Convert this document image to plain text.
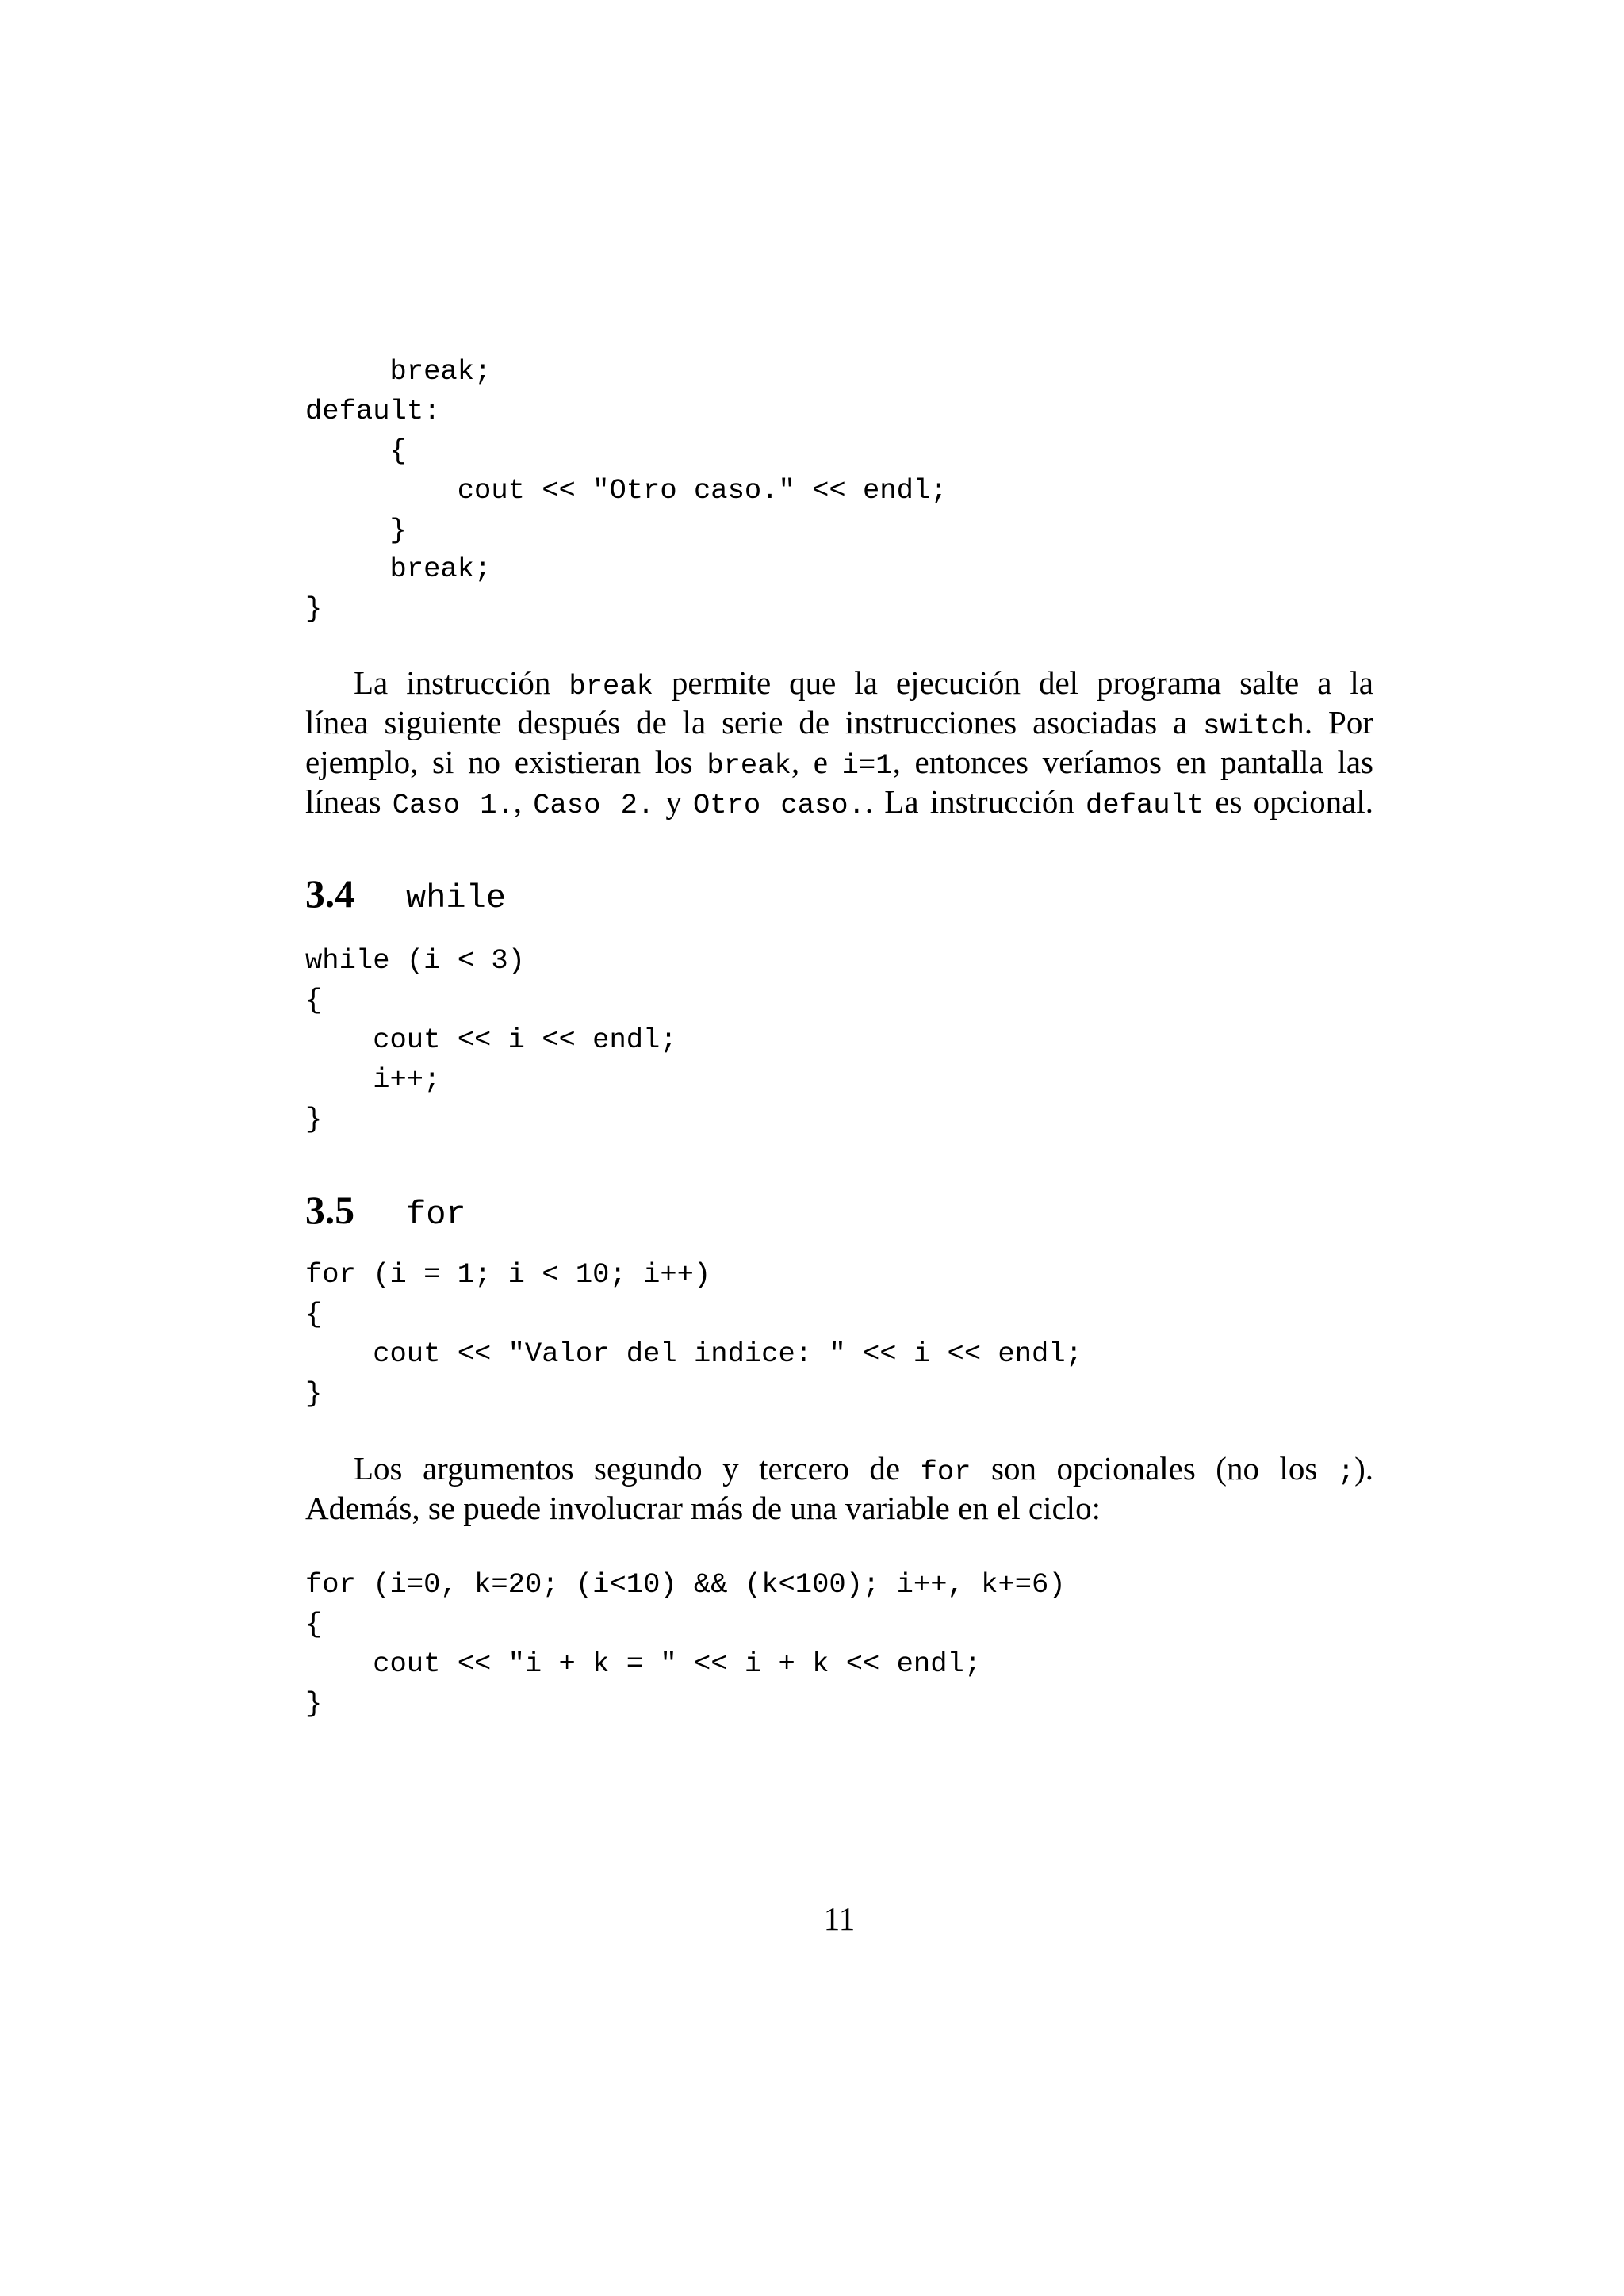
break;
default:
{
cout << "Otro caso." << endl;
}
break;
}
La instrucción break permite que la ejecución del programa salte a la
línea siguiente después de la serie de instrucciones asociadas a switch. Por
ejemplo, si no existieran los break, e i=1, entonces veríamos en pantalla las
líneas Caso 1., Caso 2. y Otro caso.. La instrucción default es opcional.
3.4 while
while (i < 3)
{
cout << i << endl;
i++;
}
3.5 for
for (i = 1; i < 10; i++)
{
cout << "Valor del indice: " << i << endl;
}
Los argumentos segundo y tercero de for son opcionales (no los ;).
Además, se puede involucrar más de una variable en el ciclo:
for (i=0, k=20; (i<10) && (k<100); i++, k+=6)
{
cout << "i + k = " << i + k << endl;
}
11
